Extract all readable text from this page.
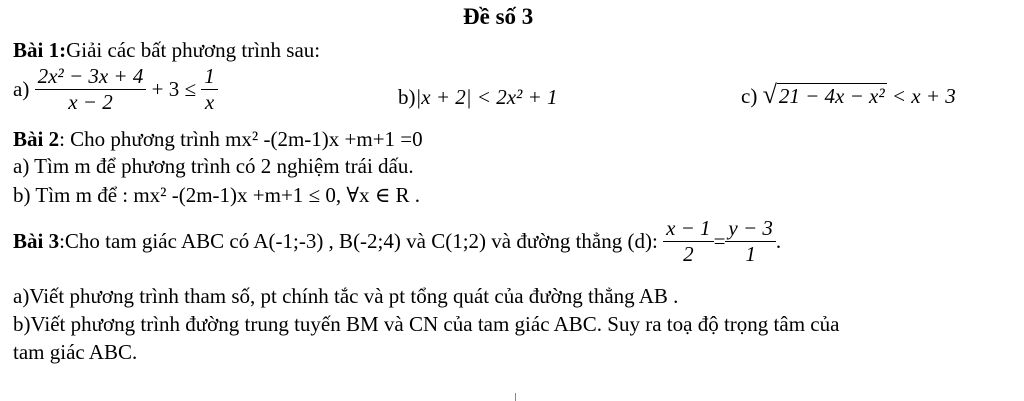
Đề số 3
Bài 1:Giải các bất phương trình sau:
$a) \frac{\text{2x² − 3x + 4}}{x - 2} + 3 \le \frac{1}{x}$	b)|x + 2| < 2x² + 1	c) √ 21 − 4x − x² < x + 3
Bài 2: Cho phương trình mx² -(2m-1)x +m+1 =0
a) Tìm m để phương trình có 2 nghiệm trái dấu.
b) Tìm m để : mx² -(2m-1)x +m+1 ≤ 0, ∀x ∈ R .
Bài 3:Cho tam giác ABC có A(-1;-3) , B(-2;4) và C(1;2) và đường thẳng (d): $\frac{x - 1}{2} = \frac{y - 3}{1}$ .
a)Viết phương trình tham số, pt chính tắc và pt tổng quát của đường thẳng AB .
b)Viết phương trình đường trung tuyến BM và CN của tam giác ABC. Suy ra toạ độ trọng tâm của
tam giác ABC.
